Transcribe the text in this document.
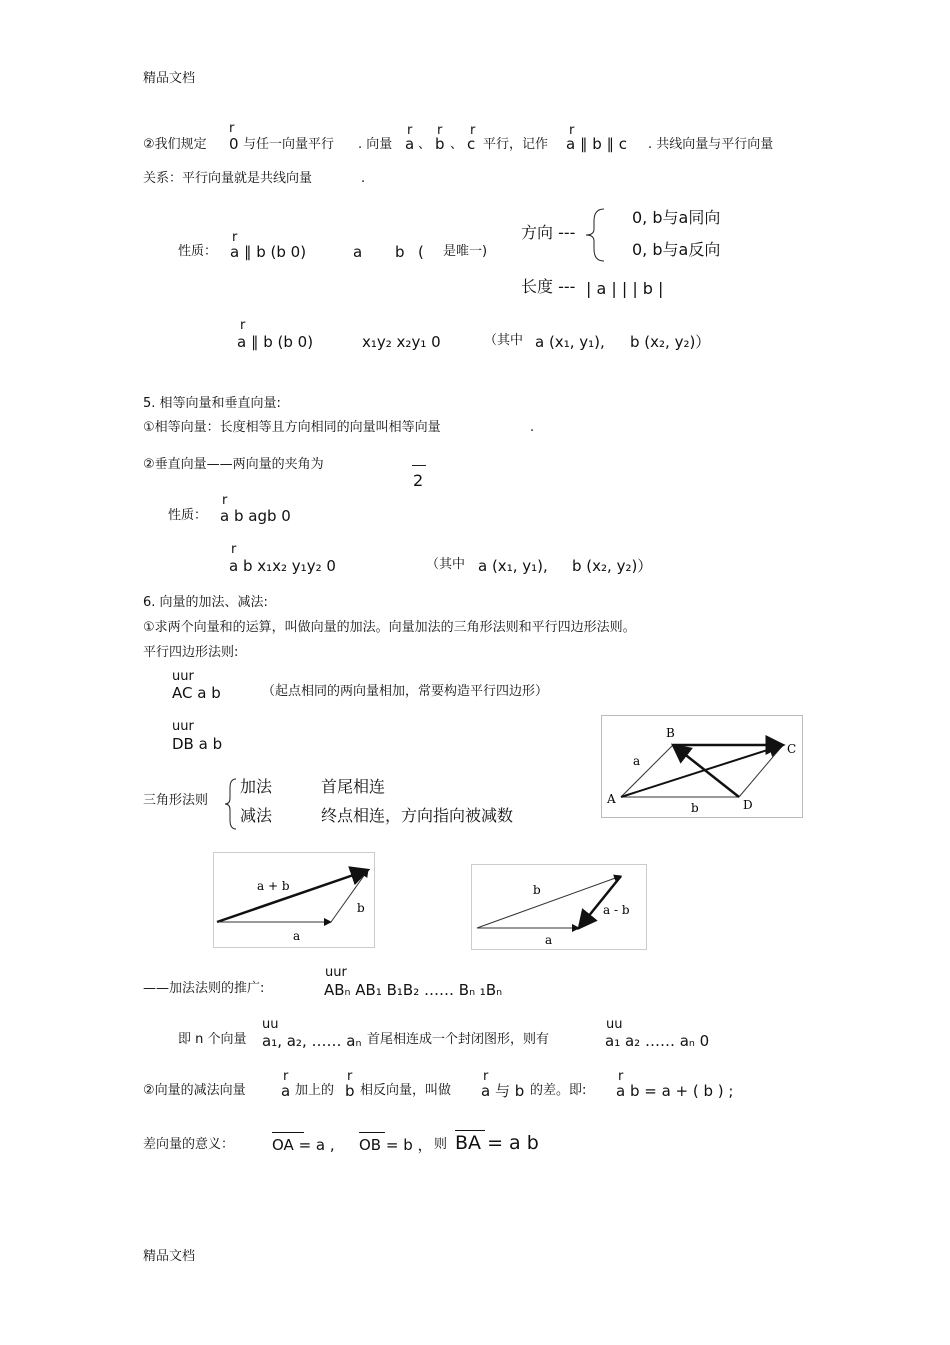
精品文档
r
②我们规定 0 与任一向量平行 . 向量
r
a 、
r
b 、
r
c 平行，记作
r
a ∥ b ∥ c . 共线向量与平行向量
关系：平行向量就是共线向量	.
性质：
r
a ∥ b (b 0)	a b ( 是唯一)
方向 ---
0, b与a同向
0, b与a反向
长度 --- | a | | | b |
r
a ∥ b (b 0)	x₁y₂ x₂y₁ 0	（其中 a (x₁, y₁), b (x₂, y₂)）
5. 相等向量和垂直向量:
①相等向量：长度相等且方向相同的向量叫相等向量	.
②垂直向量——两向量的夹角为
2
性质：
r
a b agb 0
r
a b x₁x₂ y₁y₂ 0	（其中 a (x₁, y₁), b (x₂, y₂)）
6. 向量的加法、减法:
①求两个向量和的运算，叫做向量的加法。向量加法的三角形法则和平行四边形法则。
平行四边形法则:
uur
AC a b	（起点相同的两向量相加，常要构造平行四边形）
uur
DB a b
A
B
C
D
a
b
三角形法则
加法	首尾相连
减法	终点相连，方向指向被减数
a + b
a
b
b
a
a - b
——加法法则的推广:
uur
ABₙ AB₁ B₁B₂ …… Bₙ ₁Bₙ
即 n 个向量
uu
a₁, a₂, …… aₙ 首尾相连成一个封闭图形，则有
uu
a₁ a₂ …… aₙ 0
②向量的减法向量
r
a 加上的
r
b 相反向量，叫做
r
a 与 b 的差。即:
r
a b = a + ( b ) ;
差向量的意义：	OA = a , OB = b ， 则 BA = a b
精品文档
